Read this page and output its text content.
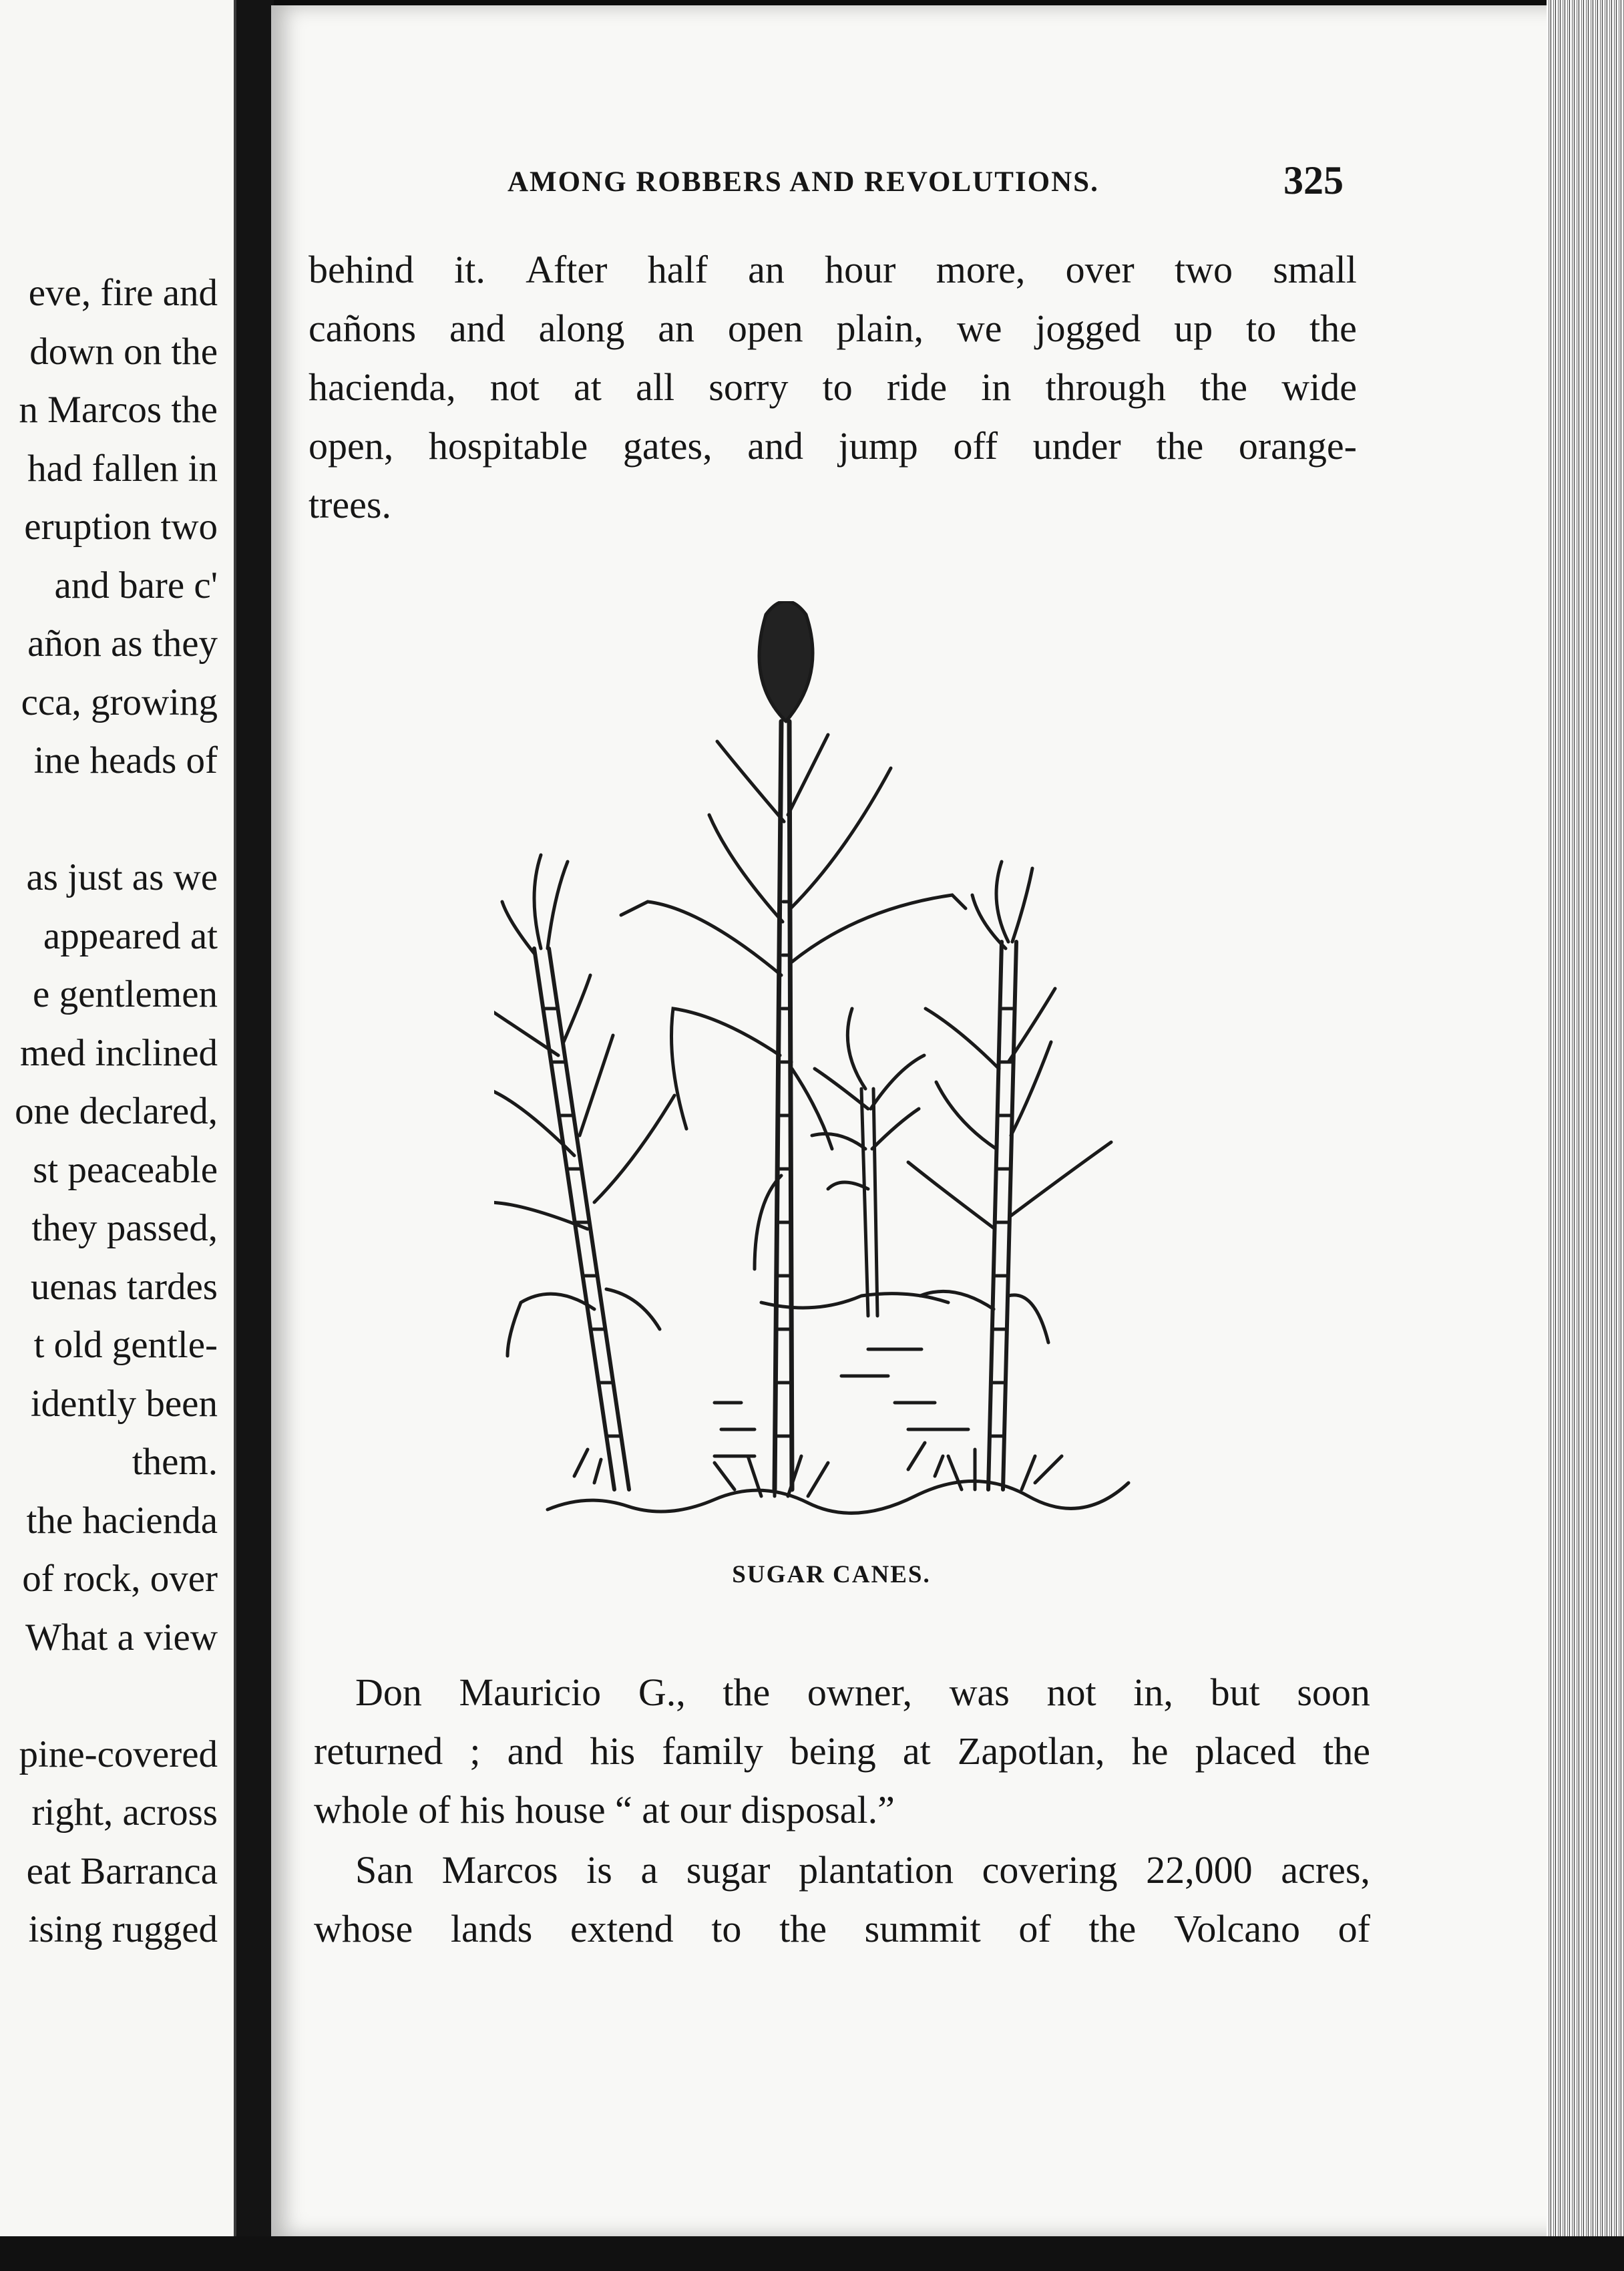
eve, fire and
down on the
n Marcos the
had fallen in
eruption two
and bare c'
añon as they
cca, growing
ine heads of
as just as we
appeared at
e gentlemen
med inclined
one declared,
st peaceable
they passed,
uenas tardes
t old gentle-
idently been
them.
the hacienda
of rock, over
What a view
pine-covered
right, across
eat Barranca
ising rugged
AMONG ROBBERS AND REVOLUTIONS.	325
behind it. After half an hour more, over two small
cañons and along an open plain, we jogged up to the
hacienda, not at all sorry to ride in through the wide
open, hospitable gates, and jump off under the orange-
trees.
SUGAR CANES.
Don Mauricio G., the owner, was not in, but soon
returned ; and his family being at Zapotlan, he placed the
whole of his house “ at our disposal.”
San Marcos is a sugar plantation covering 22,000 acres,
whose lands extend to the summit of the Volcano of
